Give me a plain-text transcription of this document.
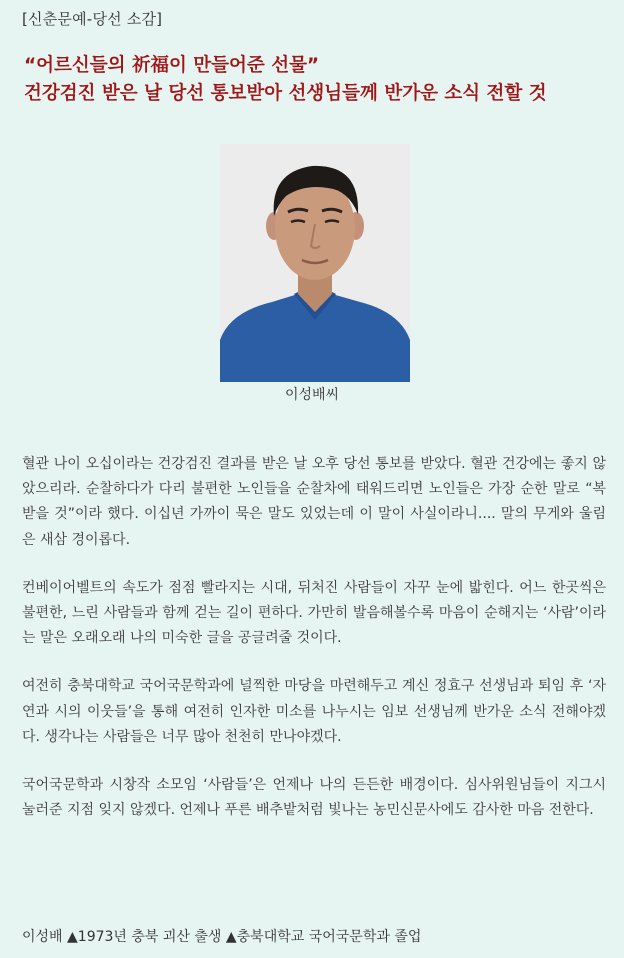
[신춘문예-당선 소감]
“어르신들의 祈福이 만들어준 선물”
건강검진 받은 날 당선 통보받아 선생님들께 반가운 소식 전할 것
이성배씨

혈관 나이 오십이라는 건강검진 결과를 받은 날 오후 당선 통보를 받았다. 혈관 건강에는 좋지 않았으리라. 순찰하다가 다리 불편한 노인들을 순찰차에 태워드리면 노인들은 가장 순한 말로 “복 받을 것”이라 했다. 이십년 가까이 묵은 말도 있었는데 이 말이 사실이라니.... 말의 무게와 울림은 새삼 경이롭다.

컨베이어벨트의 속도가 점점 빨라지는 시대, 뒤처진 사람들이 자꾸 눈에 밟힌다. 어느 한곳씩은 불편한, 느린 사람들과 함께 걷는 길이 편하다. 가만히 발음해볼수록 마음이 순해지는 ‘사람’이라는 말은 오래오래 나의 미숙한 글을 공글려줄 것이다.

여전히 충북대학교 국어국문학과에 널찍한 마당을 마련해두고 계신 정효구 선생님과 퇴임 후 ‘자연과 시의 이웃들’을 통해 여전히 인자한 미소를 나누시는 임보 선생님께 반가운 소식 전해야겠다. 생각나는 사람들은 너무 많아 천천히 만나야겠다.

국어국문학과 시창작 소모임 ‘사람들’은 언제나 나의 든든한 배경이다. 심사위원님들이 지그시 눌러준 지점 잊지 않겠다. 언제나 푸른 배추밭처럼 빛나는 농민신문사에도 감사한 마음 전한다.

이성배 ▲1973년 충북 괴산 출생 ▲충북대학교 국어국문학과 졸업
